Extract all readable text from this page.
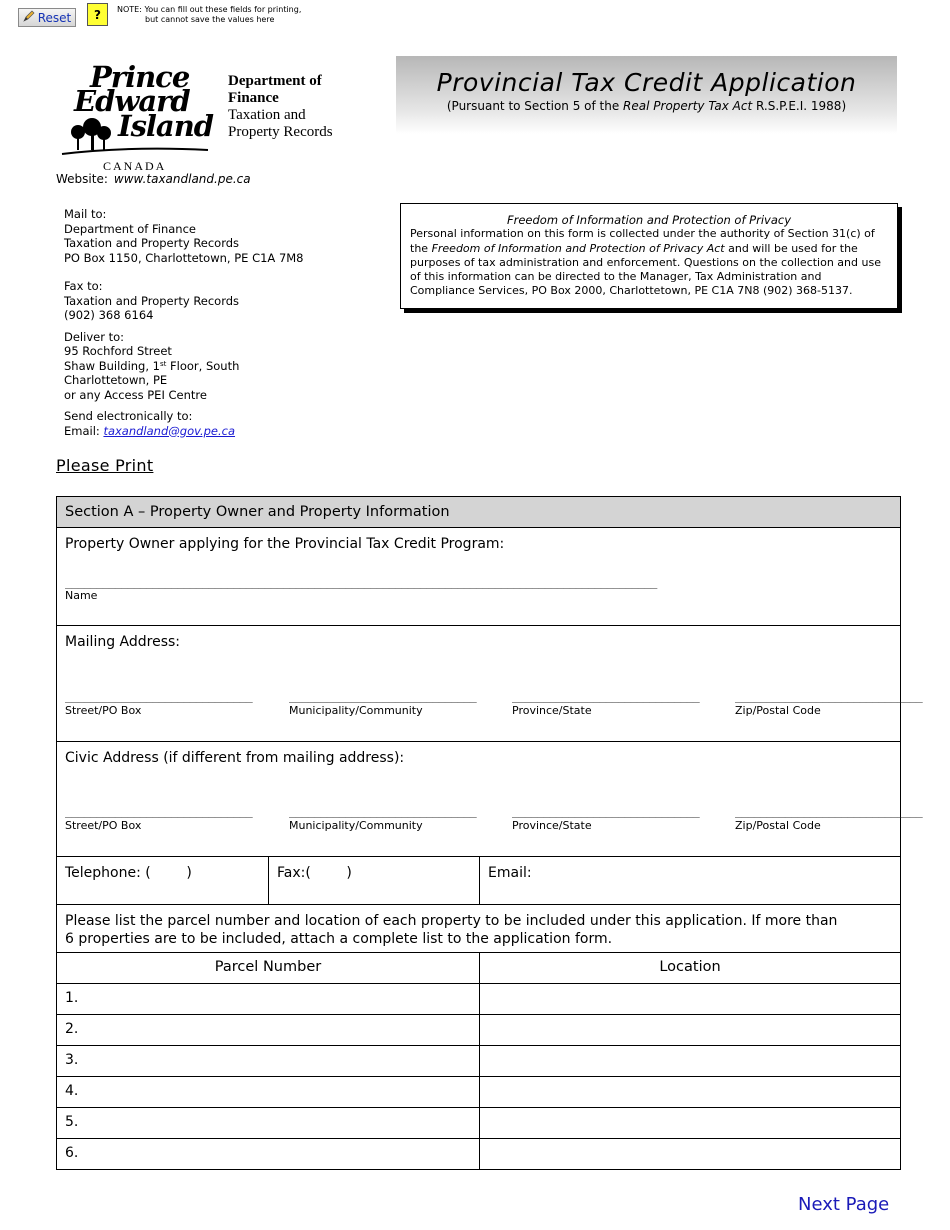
Reset	?	NOTE: You can fill out these fields for printing,
but cannot save the values here
Prince
Edward
Island
CANADA
Department of
Finance
Taxation and
Property Records
Website: www.taxandland.pe.ca
Provincial Tax Credit Application
(Pursuant to Section 5 of the Real Property Tax Act R.S.P.E.I. 1988)
Mail to:
Department of Finance
Taxation and Property Records
PO Box 1150, Charlottetown, PE C1A 7M8
Fax to:
Taxation and Property Records
(902) 368 6164
Deliver to:
95 Rochford Street
Shaw Building, 1st Floor, South
Charlottetown, PE
or any Access PEI Centre
Send electronically to:
Email: taxandland@gov.pe.ca
Freedom of Information and Protection of Privacy
Personal information on this form is collected under the authority of Section 31(c) of the Freedom of Information and Protection of Privacy Act and will be used for the purposes of tax administration and enforcement. Questions on the collection and use of this information can be directed to the Manager, Tax Administration and Compliance Services, PO Box 2000, Charlottetown, PE C1A 7N8 (902) 368-5137.
Please Print
Section A – Property Owner and Property Information
Property Owner applying for the Provincial Tax Credit Program:
_______________________________________________________________________________________________
Name
Mailing Address:
______________________________	______________________________	______________________________	______________________________
Street/PO Box	Municipality/Community	Province/State	Zip/Postal Code
Civic Address (if different from mailing address):
______________________________	______________________________	______________________________	______________________________
Street/PO Box	Municipality/Community	Province/State	Zip/Postal Code
Telephone: (        )	Fax:(        )	Email:
Please list the parcel number and location of each property to be included under this application. If more than 6 properties are to be included, attach a complete list to the application form.
Parcel Number	Location
1.
2.
3.
4.
5.
6.
Next Page
